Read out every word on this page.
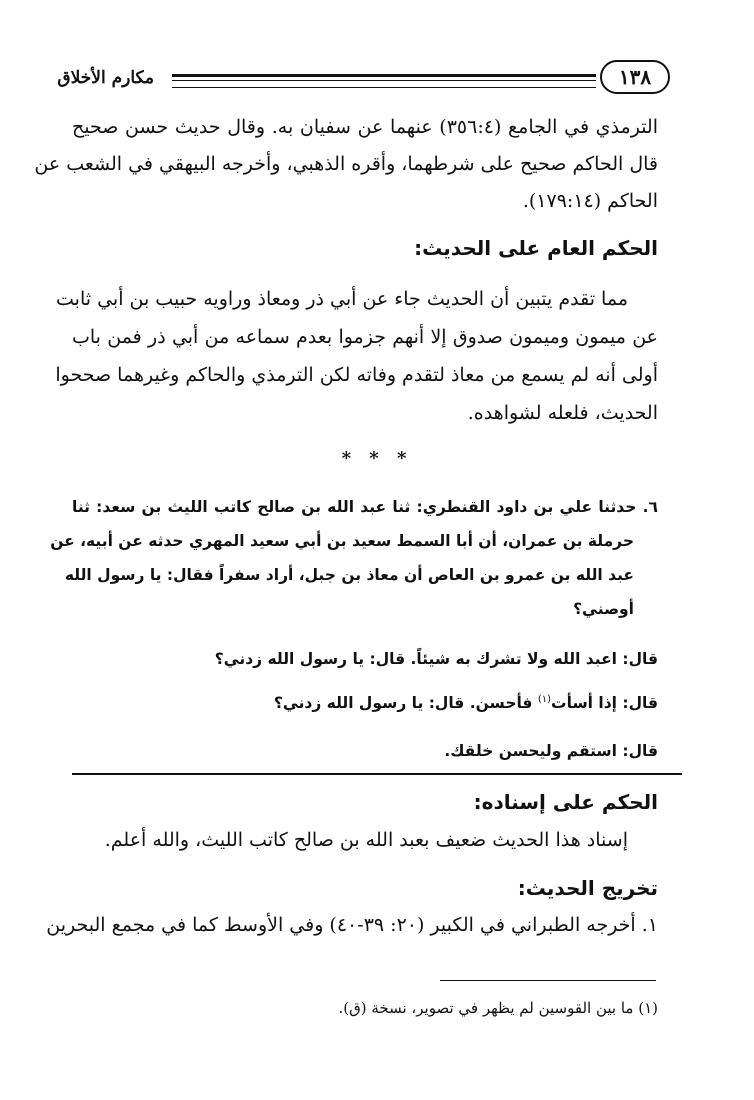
١٣٨
مكارم الأخلاق
الترمذي في الجامع (٣٥٦:٤) عنهما عن سفيان به. وقال حديث حسن صحيح
قال الحاكم صحيح على شرطهما، وأقره الذهبي، وأخرجه البيهقي في الشعب عن
الحاكم (١٧٩:١٤).
الحكم العام على الحديث:
مما تقدم يتبين أن الحديث جاء عن أبي ذر ومعاذ وراويه حبيب بن أبي ثابت
عن ميمون وميمون صدوق إلا أنهم جزموا بعدم سماعه من أبي ذر فمن باب
أولى أنه لم يسمع من معاذ لتقدم وفاته لكن الترمذي والحاكم وغيرهما صححوا
الحديث، فلعله لشواهده.
* * *
٦. حدثنا علي بن داود القنطري: ثنا عبد الله بن صالح كاتب الليث بن سعد: ثنا
حرملة بن عمران، أن أبا السمط سعيد بن أبي سعيد المهري حدثه عن أبيه، عن
عبد الله بن عمرو بن العاص أن معاذ بن جبل، أراد سفراً فقال: يا رسول الله
أوصني؟
قال: اعبد الله ولا تشرك به شيئاً. قال: يا رسول الله زدني؟
قال: إذا أسأت$^{(١)}$ فأحسن. قال: يا رسول الله زدني؟
قال: استقم وليحسن خلقك.
الحكم على إسناده:
إسناد هذا الحديث ضعيف بعبد الله بن صالح كاتب الليث، والله أعلم.
تخريج الحديث:
١. أخرجه الطبراني في الكبير (٢٠: ٣٩-٤٠) وفي الأوسط كما في مجمع البحرين
(١) ما بين القوسين لم يظهر في تصوير، نسخة (ق).
